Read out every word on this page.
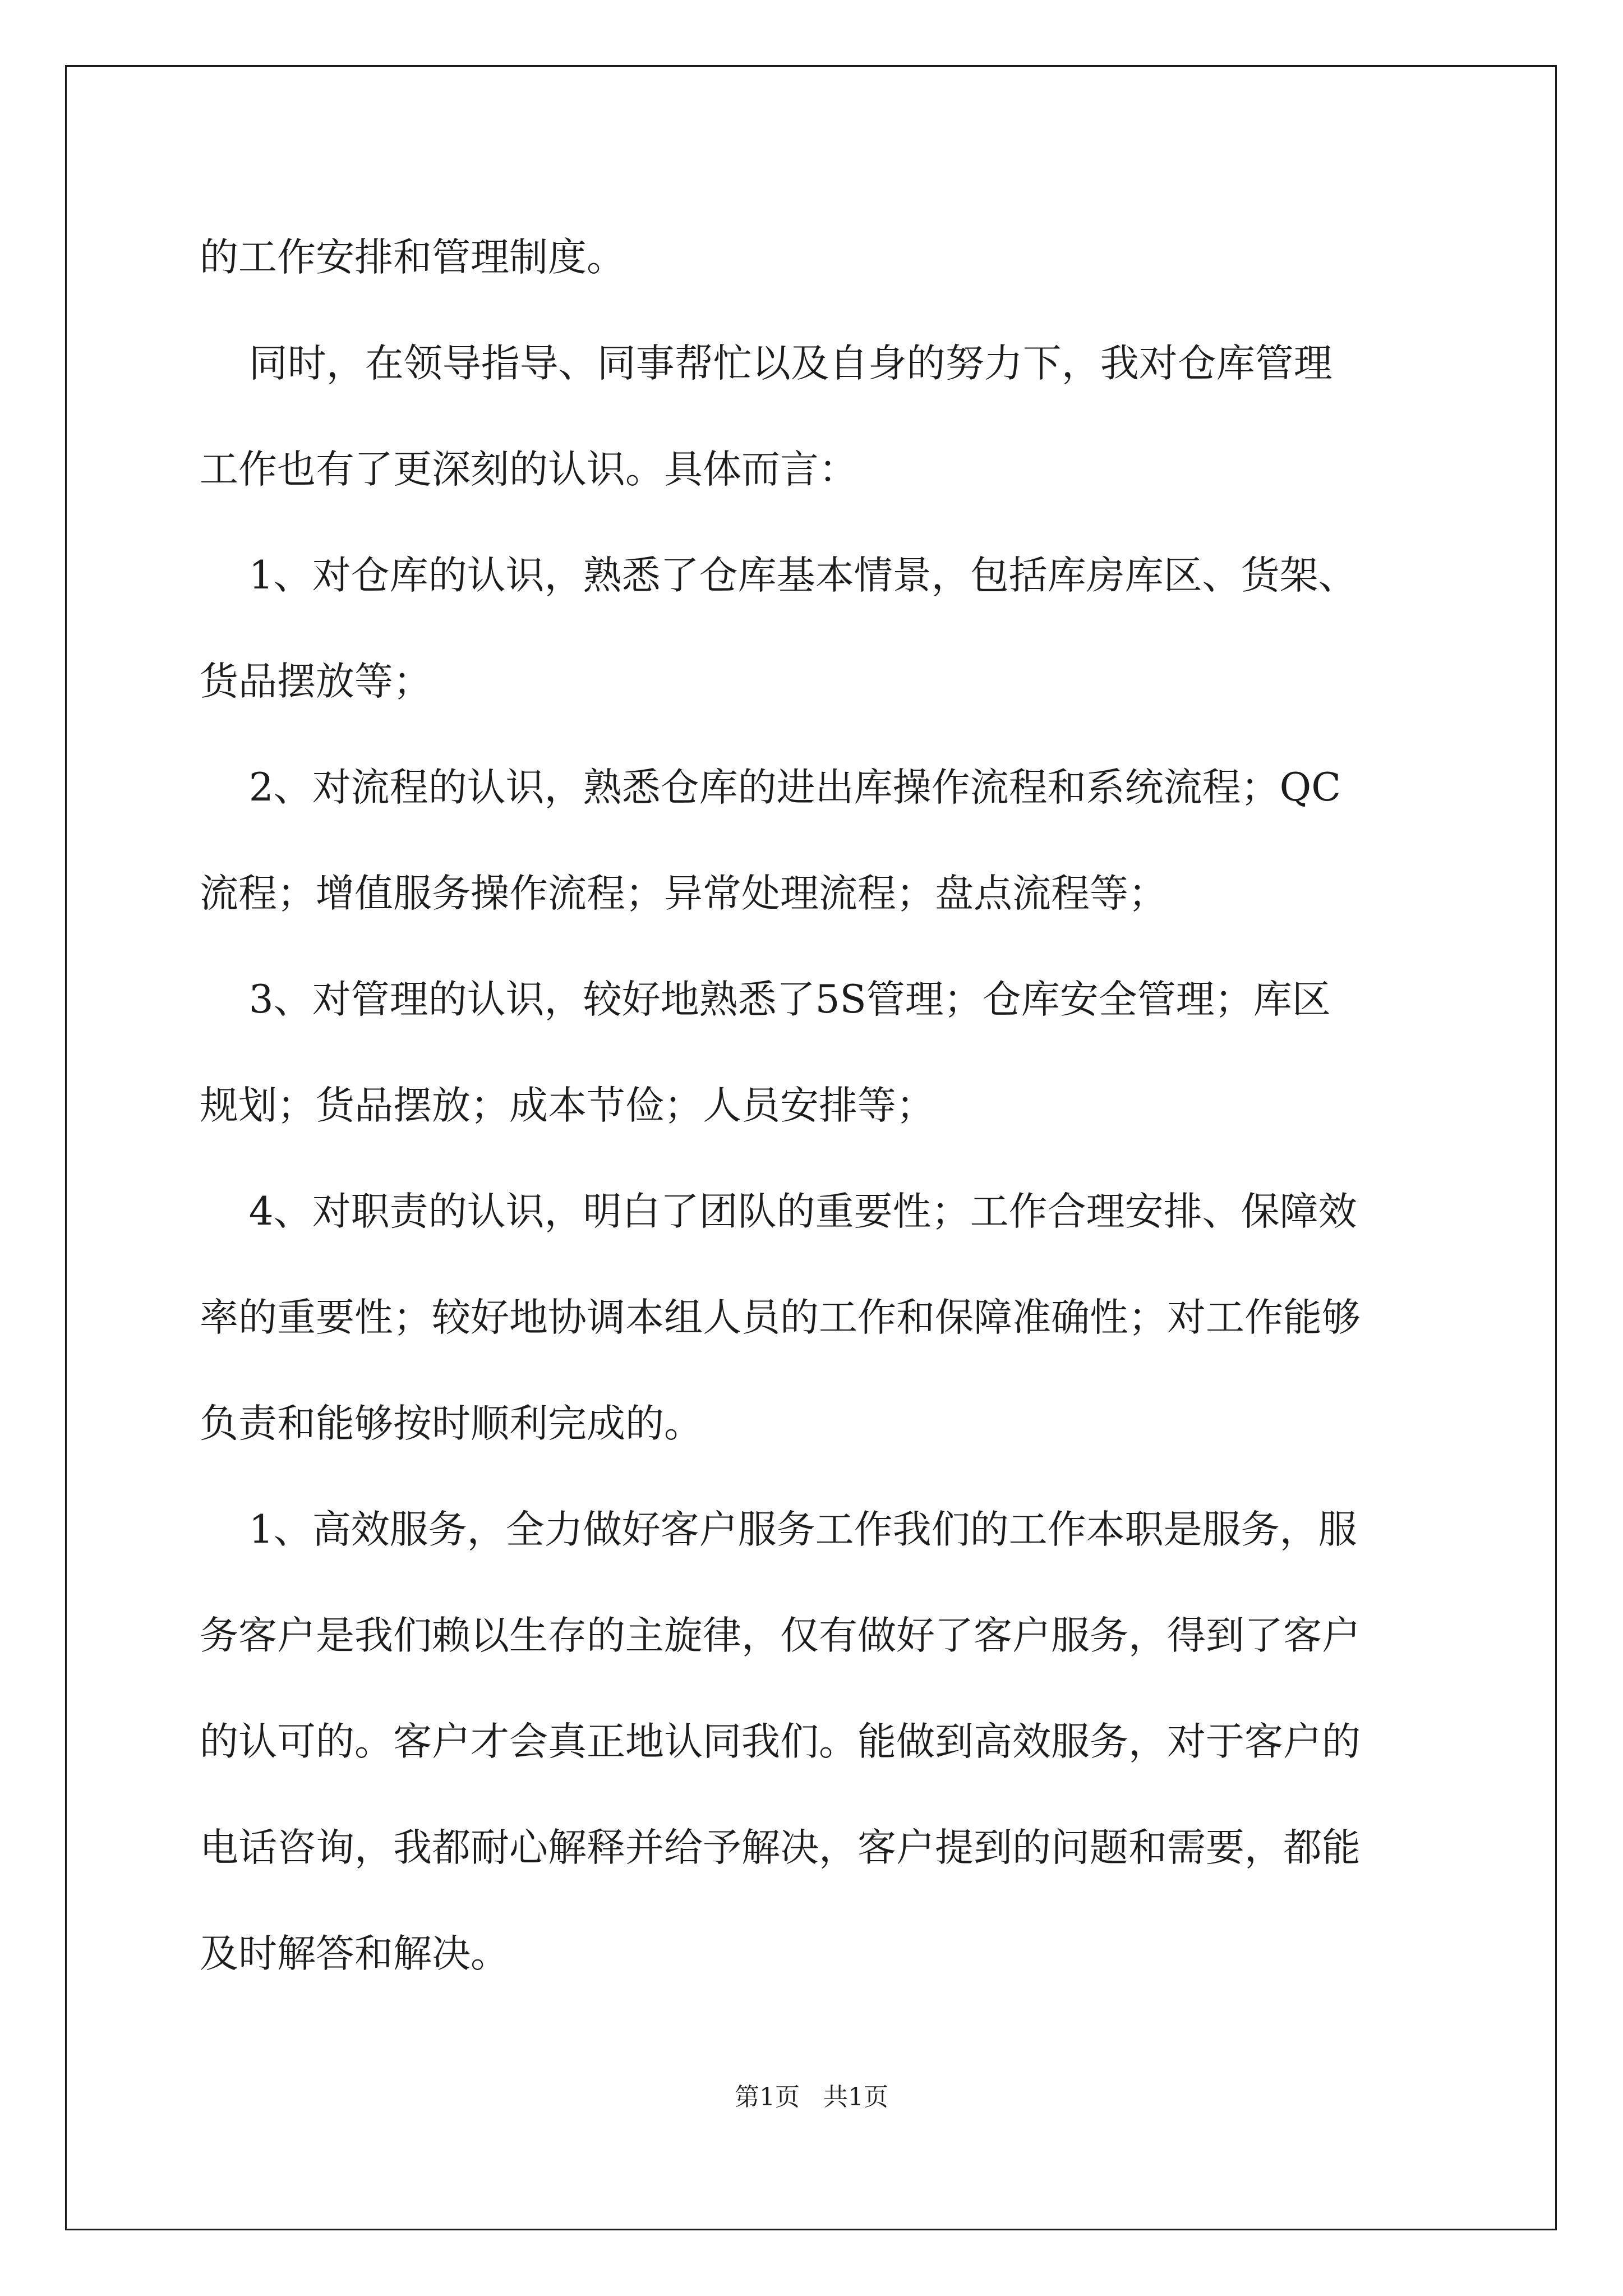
的工作安排和管理制度。
同时，在领导指导、同事帮忙以及自身的努力下，我对仓库管理
工作也有了更深刻的认识。具体而言：
1、对仓库的认识，熟悉了仓库基本情景，包括库房库区、货架、
货品摆放等；
2、对流程的认识，熟悉仓库的进出库操作流程和系统流程；QC
流程；增值服务操作流程；异常处理流程；盘点流程等；
3、对管理的认识，较好地熟悉了5S管理；仓库安全管理；库区
规划；货品摆放；成本节俭；人员安排等；
4、对职责的认识，明白了团队的重要性；工作合理安排、保障效
率的重要性；较好地协调本组人员的工作和保障准确性；对工作能够
负责和能够按时顺利完成的。
1、高效服务，全力做好客户服务工作我们的工作本职是服务，服
务客户是我们赖以生存的主旋律，仅有做好了客户服务，得到了客户
的认可的。客户才会真正地认同我们。能做到高效服务，对于客户的
电话咨询，我都耐心解释并给予解决，客户提到的问题和需要，都能
及时解答和解决。
第1页 共1页
